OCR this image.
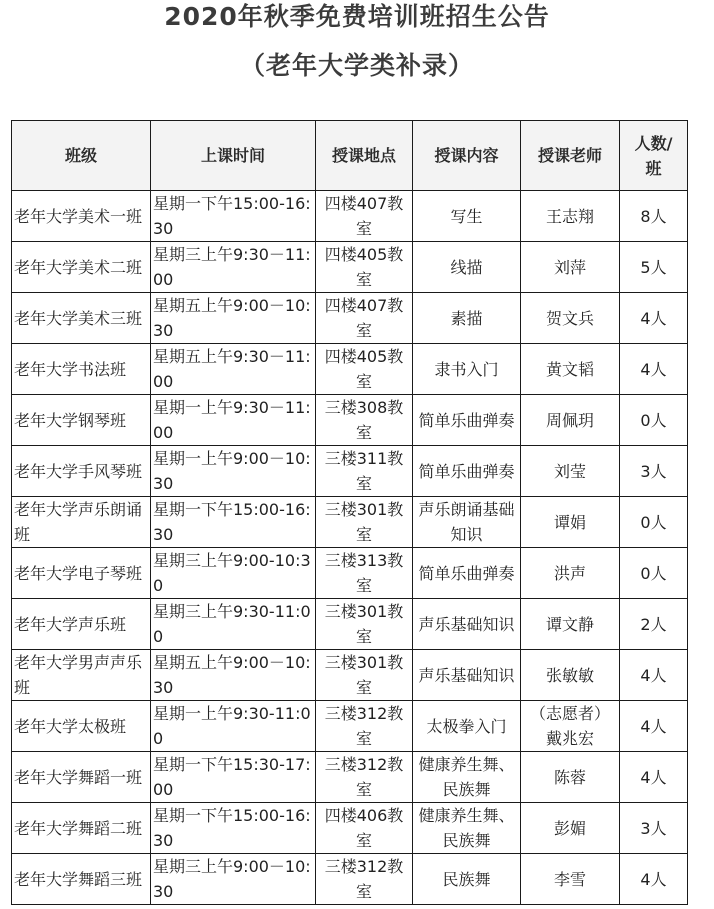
2020年秋季免费培训班招生公告
（老年大学类补录）
班级	上课时间	授课地点	授课内容	授课老师	人数/班
老年大学美术一班	星期一下午15:00-16:30	四楼407教室	写生	王志翔	8人
老年大学美术二班	星期三上午9:30－11:00	四楼405教室	线描	刘萍	5人
老年大学美术三班	星期五上午9:00－10:30	四楼407教室	素描	贺文兵	4人
老年大学书法班	星期五上午9:30－11:00	四楼405教室	隶书入门	黄文韬	4人
老年大学钢琴班	星期一上午9:30－11:00	三楼308教室	简单乐曲弹奏	周佩玥	0人
老年大学手风琴班	星期一上午9:00－10:30	三楼311教室	简单乐曲弹奏	刘莹	3人
老年大学声乐朗诵班	星期一下午15:00-16:30	三楼301教室	声乐朗诵基础知识	谭娟	0人
老年大学电子琴班	星期三上午9:00-10:30	三楼313教室	简单乐曲弹奏	洪声	0人
老年大学声乐班	星期三上午9:30-11:00	三楼301教室	声乐基础知识	谭文静	2人
老年大学男声声乐班	星期五上午9:00－10:30	三楼301教室	声乐基础知识	张敏敏	4人
老年大学太极班	星期一上午9:30-11:00	三楼312教室	太极拳入门	（志愿者）戴兆宏	4人
老年大学舞蹈一班	星期一下午15:30-17:00	三楼312教室	健康养生舞、民族舞	陈蓉	4人
老年大学舞蹈二班	星期一下午15:00-16:30	四楼406教室	健康养生舞、民族舞	彭媚	3人
老年大学舞蹈三班	星期三上午9:00－10:30	三楼312教室	民族舞	李雪	4人
